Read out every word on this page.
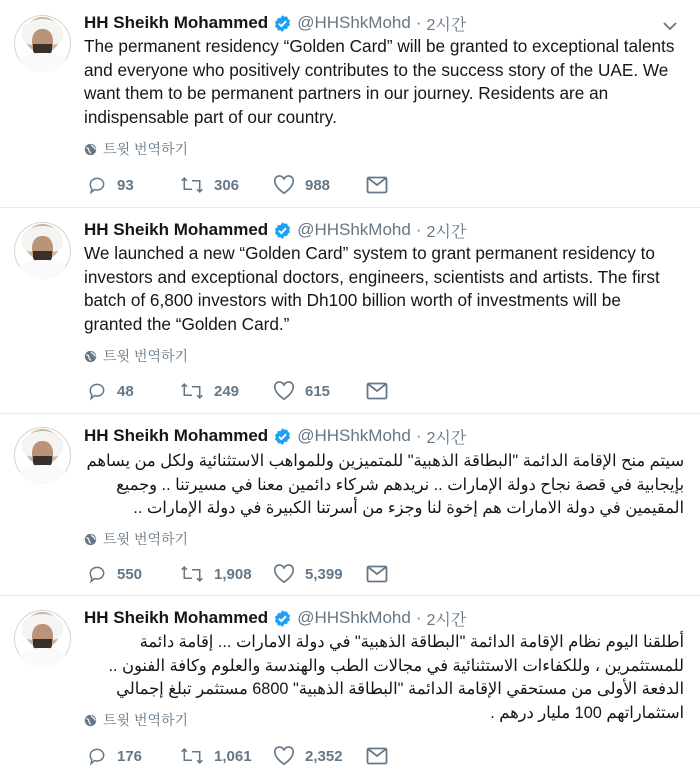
HH Sheikh Mohammed @HHShkMohd · 2시간
The permanent residency “Golden Card” will be granted to exceptional talents and everyone who positively contributes to the success story of the UAE. We want them to be permanent partners in our journey. Residents are an indispensable part of our country.
트윗 번역하기
93	306	988
HH Sheikh Mohammed @HHShkMohd · 2시간
We launched a new “Golden Card” system to grant permanent residency to investors and exceptional doctors, engineers, scientists and artists. The first batch of 6,800 investors with Dh100 billion worth of investments will be granted the “Golden Card.”
트윗 번역하기
48	249	615
HH Sheikh Mohammed @HHShkMohd · 2시간
سيتم منح الإقامة الدائمة "البطاقة الذهبية" للمتميزين وللمواهب الاستثنائية ولكل من يساهم بإيجابية في قصة نجاح دولة الإمارات .. نريدهم شركاء دائمين معنا في مسيرتنا .. وجميع المقيمين في دولة الامارات هم إخوة لنا وجزء من أسرتنا الكبيرة في دولة الإمارات ..
트윗 번역하기
550	1,908	5,399
HH Sheikh Mohammed @HHShkMohd · 2시간
أطلقنا اليوم نظام الإقامة الدائمة "البطاقة الذهبية" في دولة الامارات ... إقامة دائمة للمستثمرين ، وللكفاءات الاستثنائية في مجالات الطب والهندسة والعلوم وكافة الفنون .. الدفعة الأولى من مستحقي الإقامة الدائمة "البطاقة الذهبية" 6800 مستثمر تبلغ إجمالي استثماراتهم 100 مليار درهم .
트윗 번역하기
176	1,061	2,352
